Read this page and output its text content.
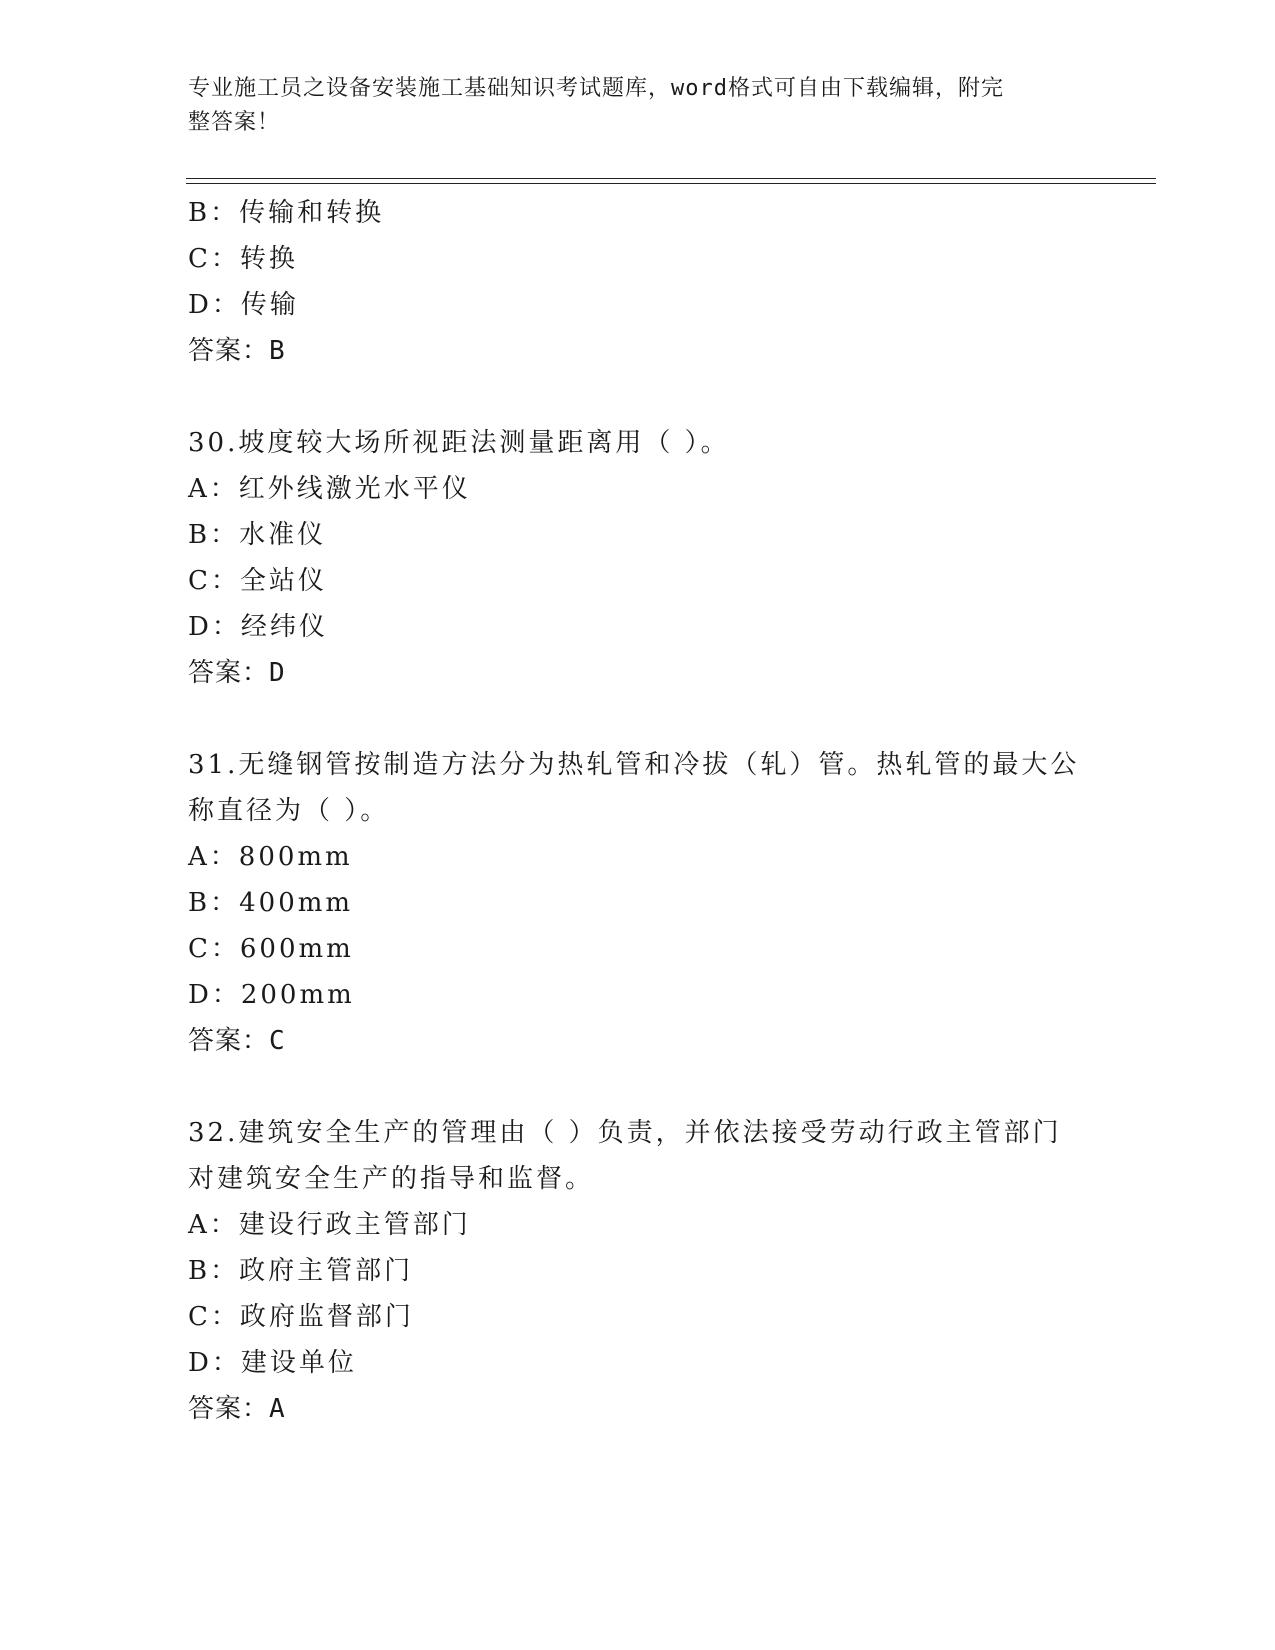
专业施工员之设备安装施工基础知识考试题库，word格式可自由下载编辑，附完
整答案！
B：传输和转换
C：转换
D：传输
答案：B
30.坡度较大场所视距法测量距离用（ ）。
A：红外线激光水平仪
B：水准仪
C：全站仪
D：经纬仪
答案：D
31.无缝钢管按制造方法分为热轧管和冷拔（轧）管。热轧管的最大公
称直径为（ ）。
A：800mm
B：400mm
C：600mm
D：200mm
答案：C
32.建筑安全生产的管理由（ ）负责，并依法接受劳动行政主管部门
对建筑安全生产的指导和监督。
A：建设行政主管部门
B：政府主管部门
C：政府监督部门
D：建设单位
答案：A
